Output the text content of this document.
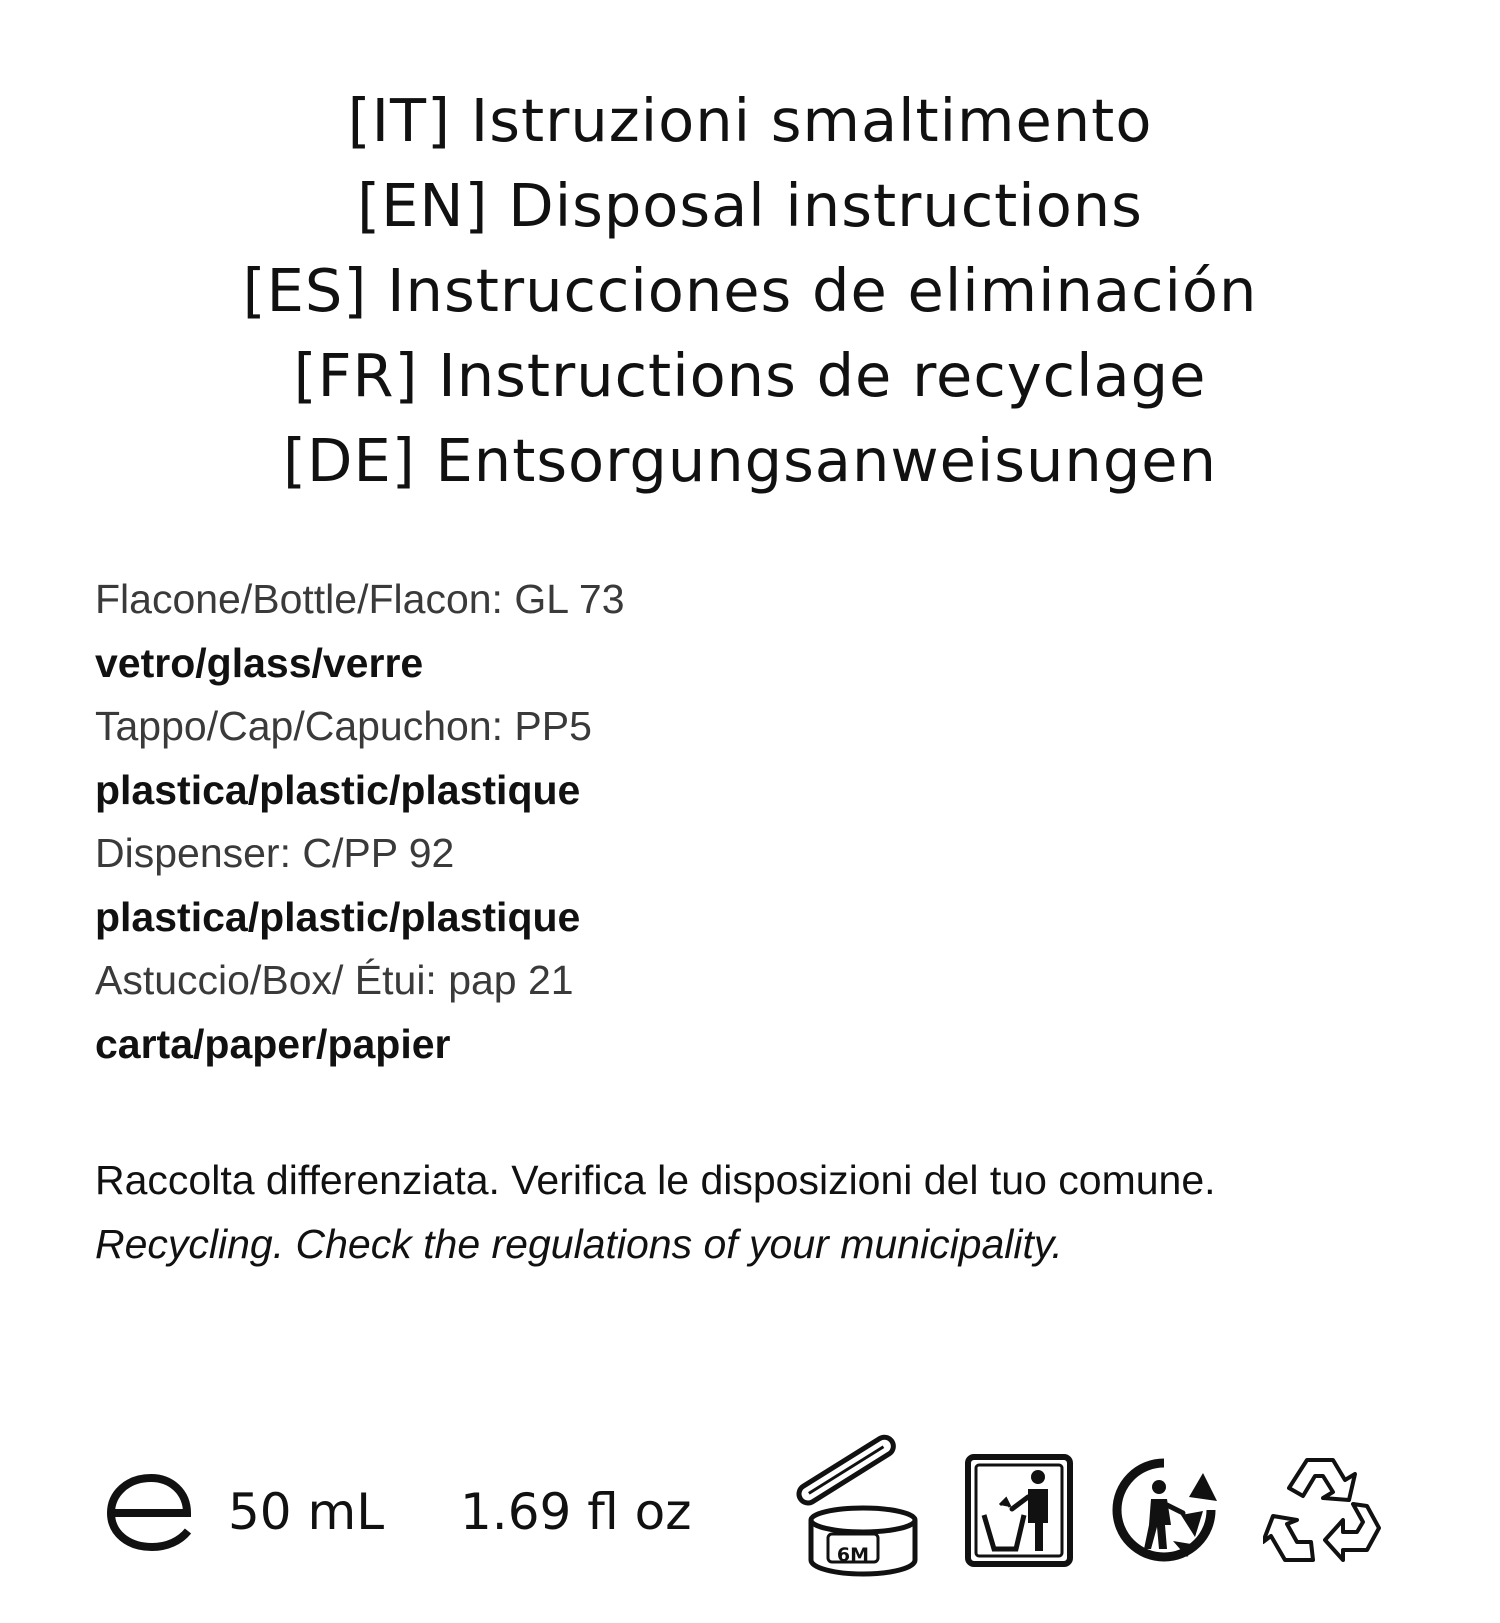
[IT] Istruzioni smaltimento
[EN] Disposal instructions
[ES] Instrucciones de eliminación
[FR] Instructions de recyclage
[DE] Entsorgungsanweisungen
Flacone/Bottle/Flacon: GL 73
vetro/glass/verre
Tappo/Cap/Capuchon: PP5
plastica/plastic/plastique
Dispenser: C/PP 92
plastica/plastic/plastique
Astuccio/Box/ Étui: pap 21
carta/paper/papier
Raccolta differenziata. Verifica le disposizioni del tuo comune.
Recycling. Check the regulations of your municipality.
50 mL 1.69 fl oz
6M
